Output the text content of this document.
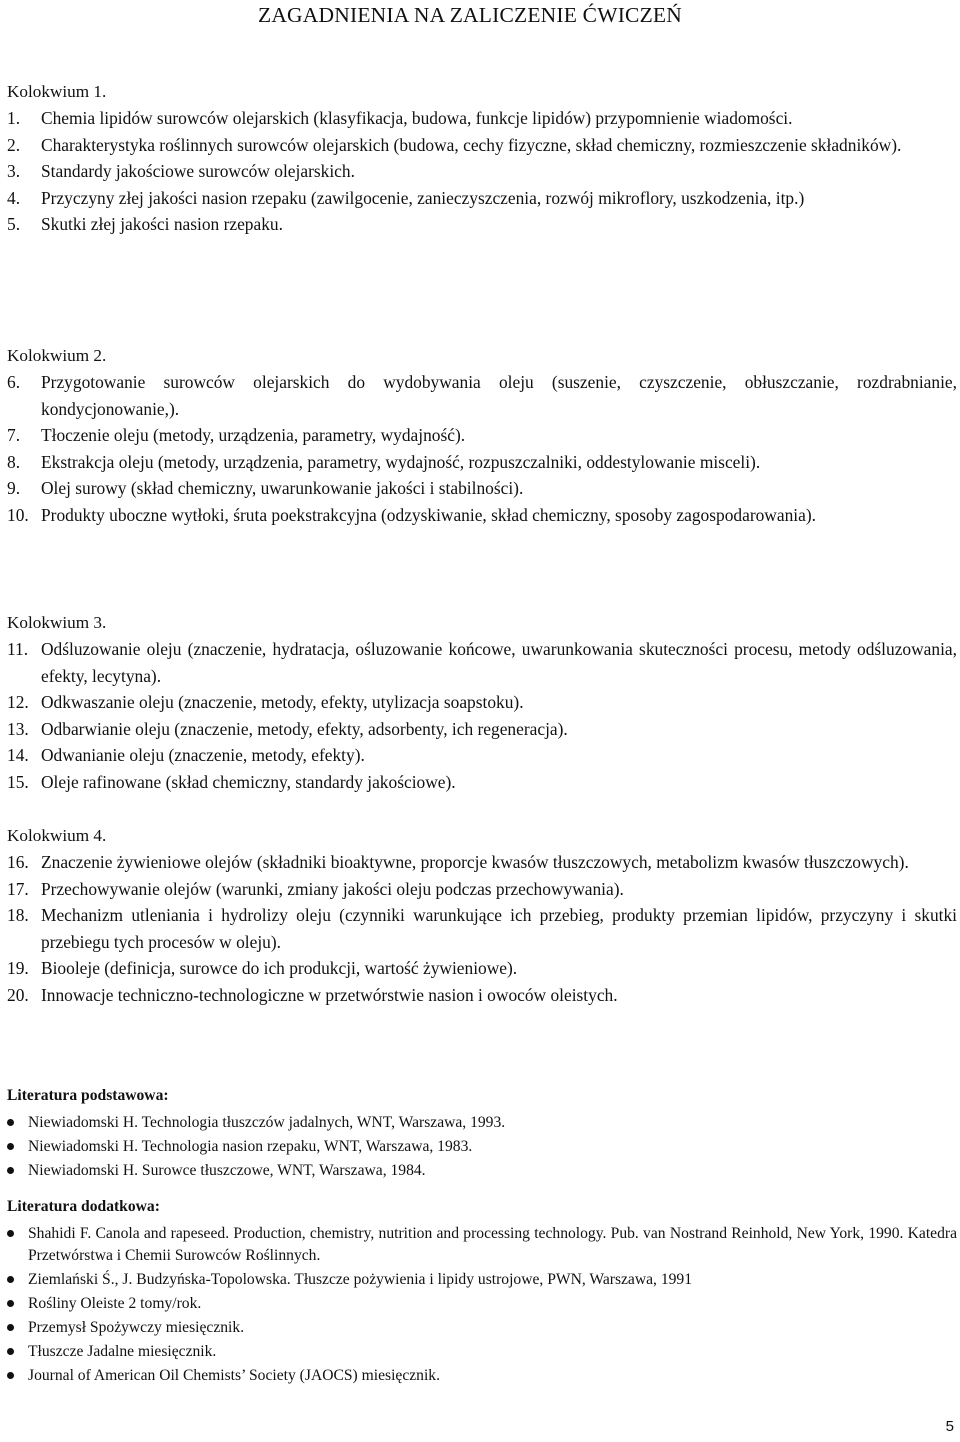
ZAGADNIENIA NA ZALICZENIE ĆWICZEŃ
Kolokwium 1.
1. Chemia lipidów surowców olejarskich (klasyfikacja, budowa, funkcje lipidów) przypomnienie wiadomości.
2. Charakterystyka roślinnych surowców olejarskich (budowa, cechy fizyczne, skład chemiczny, rozmieszczenie składników).
3. Standardy jakościowe surowców olejarskich.
4. Przyczyny złej jakości nasion rzepaku (zawilgocenie, zanieczyszczenia, rozwój mikroflory, uszkodzenia, itp.)
5. Skutki złej jakości nasion rzepaku.
Kolokwium 2.
6. Przygotowanie surowców olejarskich do wydobywania oleju (suszenie, czyszczenie, obłuszczanie, rozdrabnianie, kondycjonowanie,).
7. Tłoczenie oleju (metody, urządzenia, parametry, wydajność).
8. Ekstrakcja oleju (metody, urządzenia, parametry, wydajność, rozpuszczalniki, oddestylowanie misceli).
9. Olej surowy (skład chemiczny, uwarunkowanie jakości i stabilności).
10. Produkty uboczne wytłoki, śruta poekstrakcyjna (odzyskiwanie, skład chemiczny, sposoby zagospodarowania).
Kolokwium 3.
11. Odśluzowanie oleju (znaczenie, hydratacja, ośluzowanie końcowe, uwarunkowania skuteczności procesu, metody odśluzowania, efekty, lecytyna).
12. Odkwaszanie oleju (znaczenie, metody, efekty, utylizacja soapstoku).
13. Odbarwianie oleju (znaczenie, metody, efekty, adsorbenty, ich regeneracja).
14. Odwanianie oleju (znaczenie, metody, efekty).
15. Oleje rafinowane (skład chemiczny, standardy jakościowe).
Kolokwium 4.
16. Znaczenie żywieniowe olejów (składniki bioaktywne, proporcje kwasów tłuszczowych, metabolizm kwasów tłuszczowych).
17. Przechowywanie olejów (warunki, zmiany jakości oleju podczas przechowywania).
18. Mechanizm utleniania i hydrolizy oleju (czynniki warunkujące ich przebieg, produkty przemian lipidów, przyczyny i skutki przebiegu tych procesów w oleju).
19. Biooleje (definicja, surowce do ich produkcji, wartość żywieniowe).
20. Innowacje techniczno-technologiczne w przetwórstwie nasion i owoców oleistych.
Literatura podstawowa:
Niewiadomski H. Technologia tłuszczów jadalnych, WNT, Warszawa, 1993.
Niewiadomski H. Technologia nasion rzepaku, WNT, Warszawa, 1983.
Niewiadomski H. Surowce tłuszczowe, WNT, Warszawa, 1984.
Literatura dodatkowa:
Shahidi F. Canola and rapeseed. Production, chemistry, nutrition and processing technology. Pub. van Nostrand Reinhold, New York, 1990. Katedra Przetwórstwa i Chemii Surowców Roślinnych.
Ziemlański Ś., J. Budzyńska-Topolowska. Tłuszcze pożywienia i lipidy ustrojowe, PWN, Warszawa, 1991
Rośliny Oleiste 2 tomy/rok.
Przemysł Spożywczy miesięcznik.
Tłuszcze Jadalne miesięcznik.
Journal of American Oil Chemists’ Society (JAOCS) miesięcznik.
5
